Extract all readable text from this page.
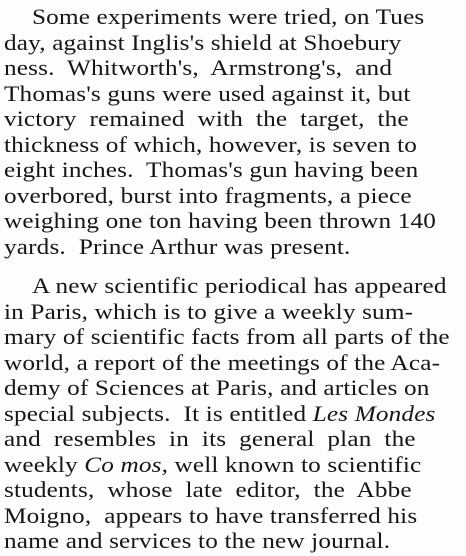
Some experiments were tried, on Tues

day, against Inglis's shield at Shoebury

ness.  Whitworth's,  Armstrong's,  and

Thomas's guns were used against it, but

victory  remained  with  the  target,  the

thickness of which, however, is seven to

eight inches.  Thomas's gun having been

overbored, burst into fragments, a piece

weighing one ton having been thrown 140

yards.  Prince Arthur was present.

A new scientific periodical has appeared

in Paris, which is to give a weekly sum-

mary of scientific facts from all parts of the

world, a report of the meetings of the Aca-

demy of Sciences at Paris, and articles on

special subjects.  It is entitled Les Mondes

and  resembles  in  its  general  plan  the

weekly Co mos, well known to scientific

students,  whose  late  editor,  the  Abbe

Moigno,  appears to have transferred his

name and services to the new journal.
